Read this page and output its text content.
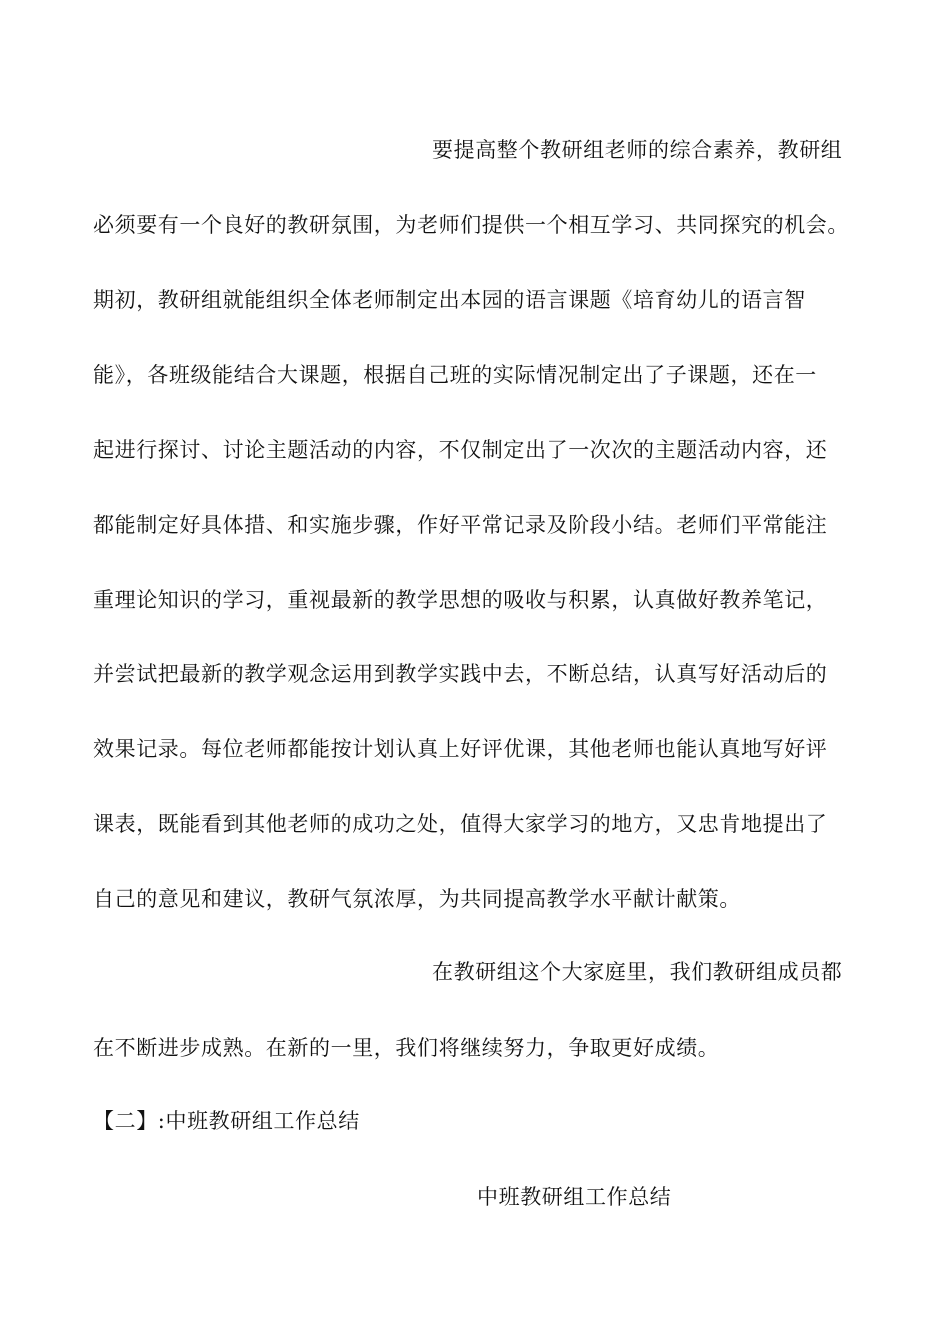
要提高整个教研组老师的综合素养，教研组
必须要有一个良好的教研氛围，为老师们提供一个相互学习、共同探究的机会。
期初，教研组就能组织全体老师制定出本园的语言课题《培育幼儿的语言智
能》，各班级能结合大课题，根据自己班的实际情况制定出了子课题，还在一
起进行探讨、讨论主题活动的内容，不仅制定出了一次次的主题活动内容，还
都能制定好具体措、和实施步骤，作好平常记录及阶段小结。老师们平常能注
重理论知识的学习，重视最新的教学思想的吸收与积累，认真做好教养笔记，
并尝试把最新的教学观念运用到教学实践中去，不断总结，认真写好活动后的
效果记录。每位老师都能按计划认真上好评优课，其他老师也能认真地写好评
课表，既能看到其他老师的成功之处，值得大家学习的地方，又忠肯地提出了
自己的意见和建议，教研气氛浓厚，为共同提高教学水平献计献策。
在教研组这个大家庭里，我们教研组成员都
在不断进步成熟。在新的一里，我们将继续努力，争取更好成绩。
【二】:中班教研组工作总结
中班教研组工作总结
